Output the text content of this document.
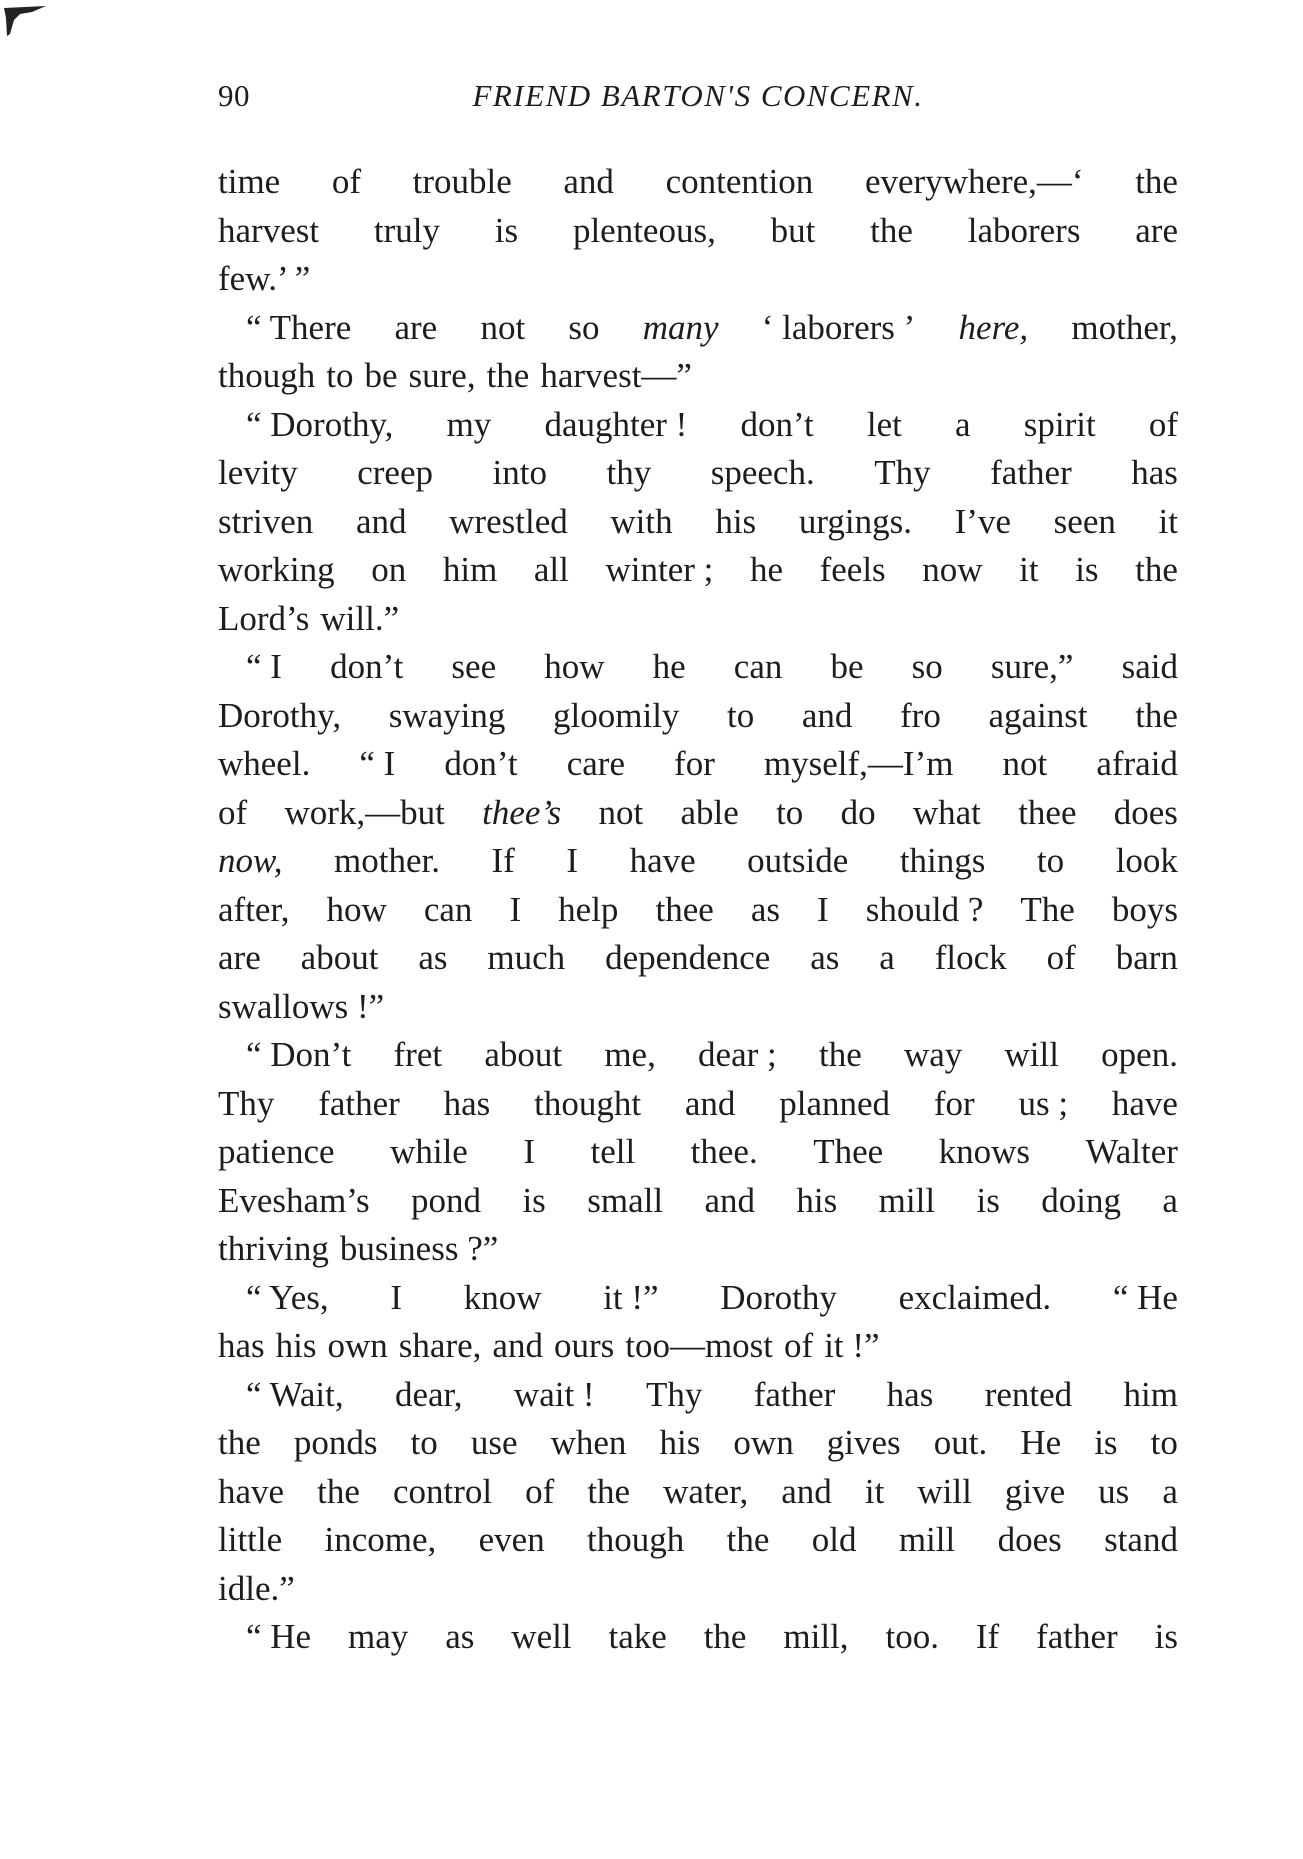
90	FRIEND BARTON'S CONCERN.
time of trouble and contention everywhere,—‘ the
harvest truly is plenteous, but the laborers are
few.’ ”
“ There are not so many ‘ laborers ’ here, mother,
though to be sure, the harvest—”
“ Dorothy, my daughter ! don’t let a spirit of
levity creep into thy speech. Thy father has
striven and wrestled with his urgings. I’ve seen it
working on him all winter ; he feels now it is the
Lord’s will.”
“ I don’t see how he can be so sure,” said
Dorothy, swaying gloomily to and fro against the
wheel. “ I don’t care for myself,—I’m not afraid
of work,—but thee’s not able to do what thee does
now, mother. If I have outside things to look
after, how can I help thee as I should ? The boys
are about as much dependence as a flock of barn
swallows !”
“ Don’t fret about me, dear ; the way will open.
Thy father has thought and planned for us ; have
patience while I tell thee. Thee knows Walter
Evesham’s pond is small and his mill is doing a
thriving business ?”
“ Yes, I know it !” Dorothy exclaimed. “ He
has his own share, and ours too—most of it !”
“ Wait, dear, wait ! Thy father has rented him
the ponds to use when his own gives out. He is to
have the control of the water, and it will give us a
little income, even though the old mill does stand
idle.”
“ He may as well take the mill, too. If father is
